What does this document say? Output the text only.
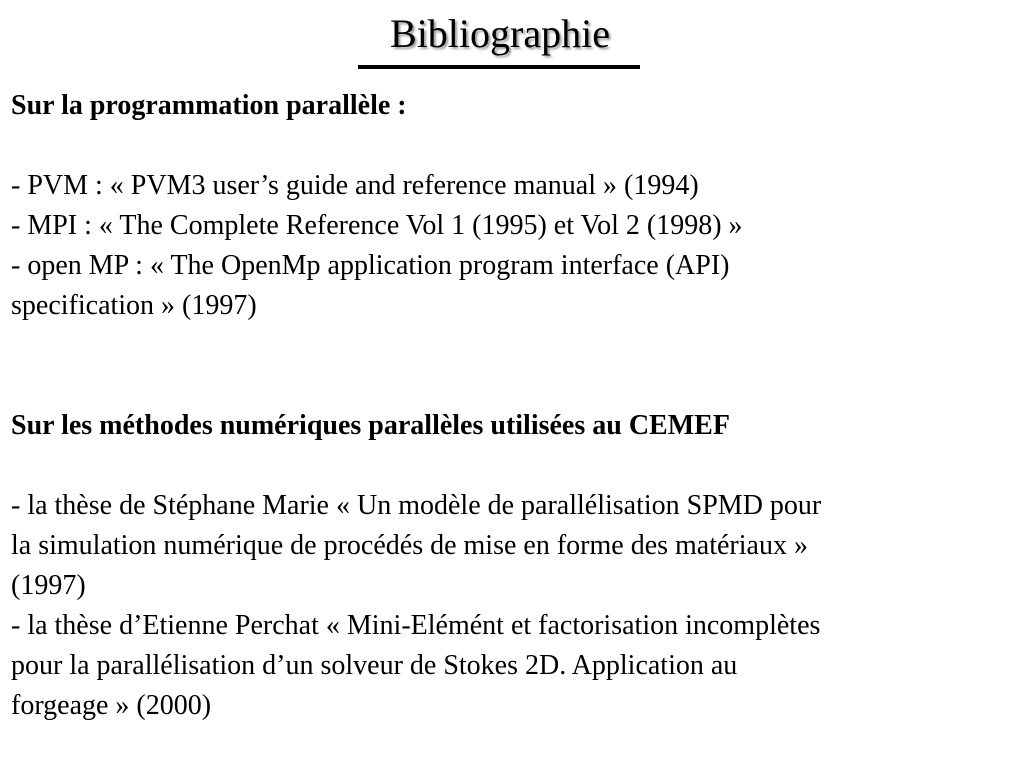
Bibliographie

Sur la programmation parallèle :

- PVM : « PVM3 user’s guide and reference manual » (1994)

- MPI : « The Complete Reference Vol 1 (1995) et Vol 2 (1998) »

- open MP : « The OpenMp application program interface (API)

specification » (1997)

Sur les méthodes numériques parallèles utilisées au CEMEF

- la thèse de Stéphane Marie « Un modèle de parallélisation SPMD pour

la simulation numérique de procédés de mise en forme des matériaux »

(1997)

- la thèse d’Etienne Perchat « Mini-Elémént et factorisation incomplètes

pour la parallélisation d’un solveur de Stokes 2D. Application au

forgeage » (2000)
